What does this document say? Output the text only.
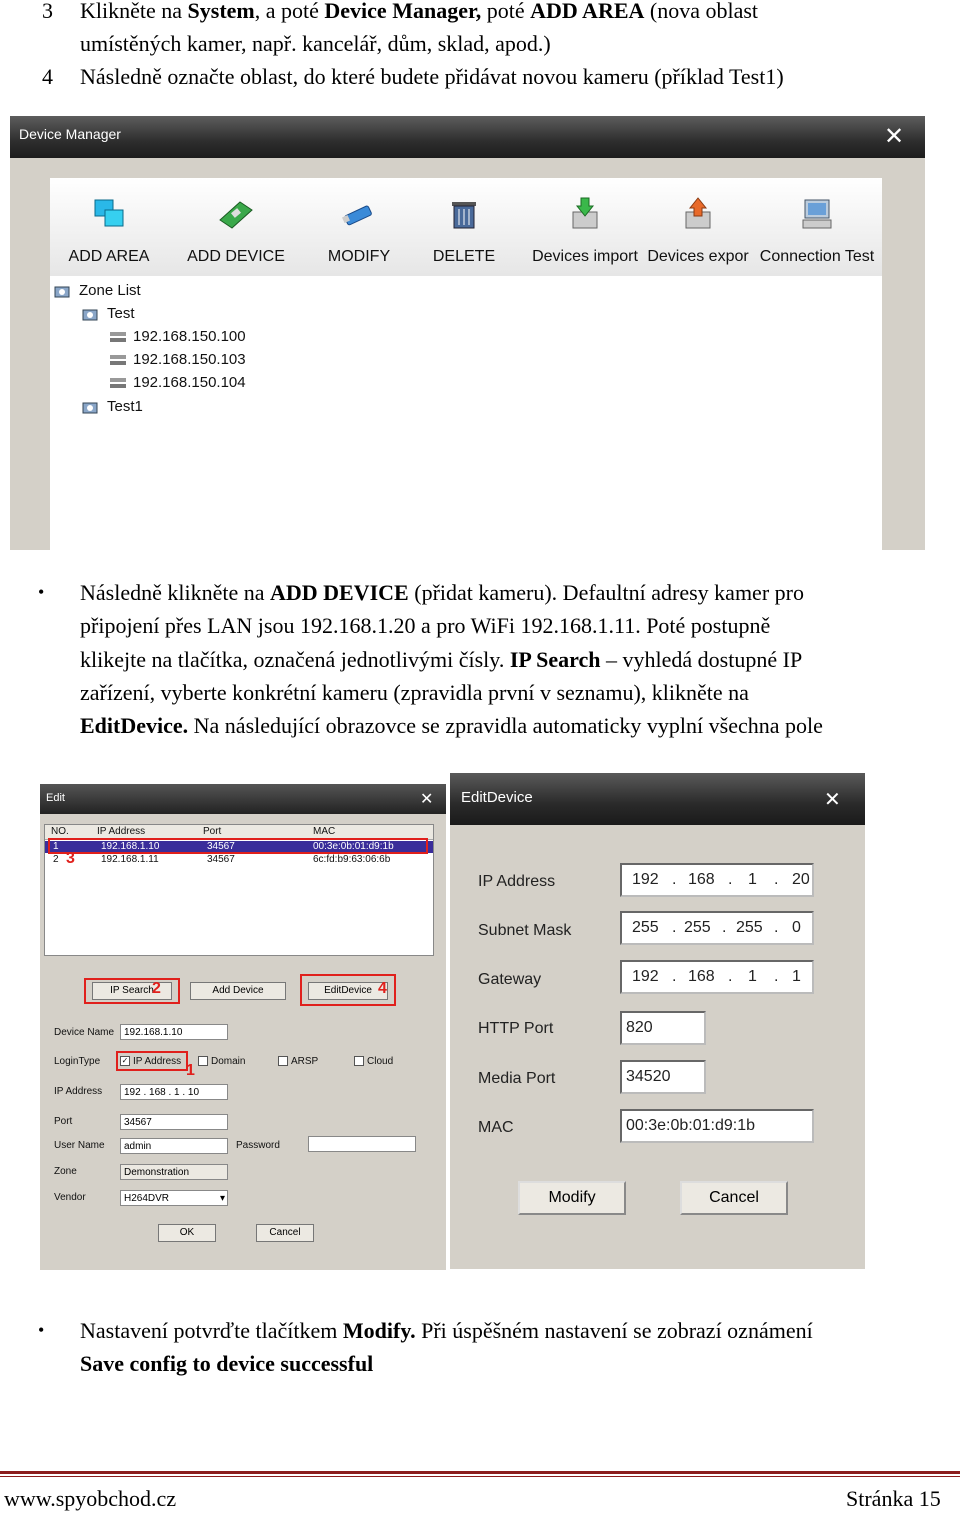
3 Klikněte na System, a poté Device Manager, poté ADD AREA (nova oblast
umístěných kamer, např. kancelář, dům, sklad, apod.)
4 Následně označte oblast, do které budete přidávat novou kameru (příklad Test1)
Device Manager	✕
ADD AREA	ADD DEVICE	MODIFY	DELETE	Devices import Devices expor Connection Test
Zone List
Test
192.168.150.100
192.168.150.103
192.168.150.104
Test1
• Následně klikněte na ADD DEVICE (přidat kameru). Defaultní adresy kamer pro
připojení přes LAN jsou 192.168.1.20 a pro WiFi 192.168.1.11. Poté postupně
klikejte na tlačítka, označená jednotlivými čísly. IP Search – vyhledá dostupné IP
zařízení, vyberte konkrétní kameru (zpravidla první v seznamu), klikněte na
EditDevice. Na následující obrazovce se zpravidla automaticky vyplní všechna pole
Edit	✕
NO.	IP Address	Port	MAC
1	192.168.1.10	34567	00:3e:0b:01:d9:1b
2	192.168.1.11	34567	6c:fd:b9:63:06:6b
3
IP Search
2	Add Device	EditDevice 4
Device Name 192.168.1.10
LoginType	✓ IP Address	Domain	ARSP	Cloud
1
IP Address	192 . 168 . 1 . 10
Port	34567
User Name	admin	Password
Zone	Demonstration
Vendor	H264DVR	▾
OK	Cancel
EditDevice	✕
IP Address	192 . 168 . 1 . 20
Subnet Mask	255 . 255 . 255 . 0
Gateway	192 . 168 . 1 . 1
HTTP Port	820
Media Port	34520
MAC	00:3e:0b:01:d9:1b
Modify	Cancel
• Nastavení potvrďte tlačítkem Modify. Při úspěšném nastavení se zobrazí oznámení
Save config to device successful
www.spyobchod.cz	Stránka 15
